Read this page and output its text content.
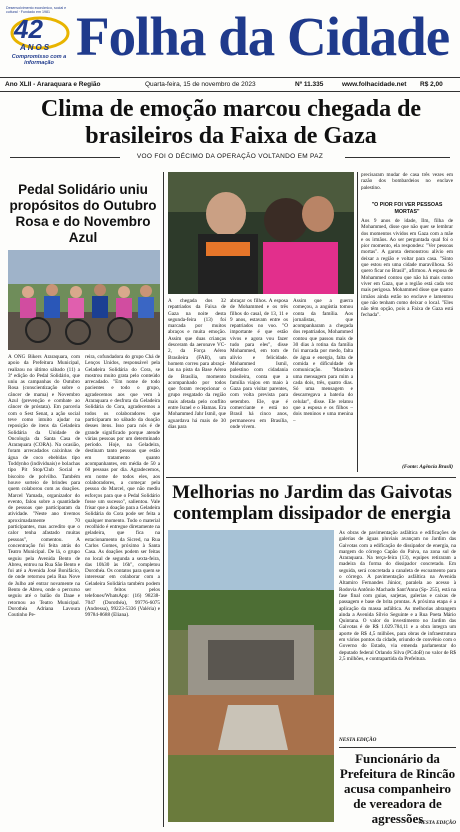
Desenvolvimento econômico, social e cultural · Fundado em 1981
42
ANOS
Compromisso com a informação Folha da Cidade
Ano XLII - Araraquara e Região	Quarta-feira, 15 de novembro de 2023	Nº 11.335	www.folhacidade.net R$ 2,00
Clima de emoção marcou chegada de brasileiros da Faixa de Gaza
VOO FOI O DÉCIMO DA OPERAÇÃO VOLTANDO EM PAZ
Pedal Solidário uniu propósitos do Outubro Rosa e do Novembro Azul
A ONG Bikers Araraquara, com apoio da Prefeitura Municipal, realizou no último sábado (11) a 3ª edição do Pedal Solidário, que uniu as campanhas do Outubro Rosa (conscientização sobre o câncer de mama) e Novembro Azul (prevenção e combate ao câncer de próstata). Em parceria com o Sest Senat, a ação social teve como intuito ajudar na reposição de itens da Geladeira Solidária da Unidade de Oncologia da Santa Casa de Araraquara (CORA). Na ocasião, foram arrecadados caixinhas de água de coco ebebidas tipo Toddynho (individuais) e bolachas tipo Pit Stop/Club Social e biscoito de polvilho. Também houve sorteio de brindes para quem colaborou com as doações. Marcel Yamada, organizador do evento, falou sobre a quantidade de pessoas que participaram da atividade. "Neste ano tivemos aproximadamente 70 participantes, mas acredito que o calor tenha afastado muitas pessoas", comentou. A concentração foi feita atrás do Teatro Municipal. De lá, o grupo seguiu pela Avenida Bento de Abreu, entrou na Rua São Bento e foi até a Avenida José Bonifácio, de onde retornou pela Rua Nove de Julho até entrar novamente na Bento de Abreu, onde o percurso seguiu até o balão do Daae e retornou ao Teatro Municipal. Dorothéa Adriana Lavoura Coutinho Pe-
reira, cofundadora do grupo Chá de Lenços Unidos, responsável pela Geladeira Solidária do Cora, se mostrou muito grata pelo conteúdo arrecadado. "Em nome de todo pacientes e todo o grupo, agradecemos aos que vem à Araraquara e desfruta da Geladeira Solidária do Cora, agradecemos a todos os colaboradores que participaram no sábado da doação desses itens. Isso para nós é de grande significado porque atende várias pessoas por um determinado período. Hoje, na Geladeira, destinam tanto pessoas que estão em tratamento quanto acompanhantes, em média de 50 a 60 pessoas por dia. Agradecemos, em nome de todos eles, aos colaboradores, a começar pela pessoa do Marcel, que não mediu esforços para que o Pedal Solidário fosse um sucesso", salientou. Vale frisar que a doação para a Geladeira Solidária do Cora pode ser feita a qualquer momento. Todo o material recolhido é entregue diretamente na geladeira, que fica na estacionamento da Sicred, na Rua Carlos Gomes, próximo à Santa Casa. As doações podem ser feitas no local de segunda a sexta-feira, das 10h30 às 16h", completou Dorothéa. Os contatos para quem se interessar em colaborar com a Geladeira Solidária também podem ser feitos pelos telefones/WhatsApp: (16) 98238-7047 (Dorothéa), 99776-6075 (Andressa), 99223-5336 (Valéria) e 99784-8688 (Eliana).
precisaram mudar de casa três vezes em razão dos bombardeios no enclave palestino.
"O PIOR FOI VER PESSOAS MORTAS"
Aos 9 anos de idade, Ilm, filha de Mohammed, disse que não quer se lembrar dos momentos vividos em Gaza com a mãe e os irmãos. Ao ser perguntada qual foi o pior momento, ela respondeu: "Ver pessoas mortas". A garota demonstrou alívio em deixar a região e voltar para casa. "Sinto que estou em uma cidade maravilhosa. Só quero ficar no Brasil", afirmou. A esposa de Mohammed contou que não há mais como viver em Gaza, que a região está cada vez mais perigosa. Mohammed disse que quatro irmãos ainda estão no enclave e lamentou que não tenham como deixar o local. "Eles não têm opção, pois a Faixa de Gaza está fechada".
(Fonte: Agência Brasil)
A chegada dos 32 repatriados da Faixa de Gaza na noite desta segunda-feira (13) foi marcada por muitos abraços e muita emoção. Assim que duas crianças desceram da aeronave VC-2, da Força Aérea Brasileira (FAB), um homem correu para abraçá-las na pista da Base Aérea de Brasília, momento acompanhado por todos que foram recepcionar o grupo resgatado da região mais afetada pelo conflito entre Israel e o Hamas. Era Mohammed Jahr Ismil, que aguardava há mais de 30 dias para
abraçar os filhos. A esposa de Mohammed e os três filhos do casal, de 13, 11 e 9 anos, estavam entre os repatriados no voo. "O importante é que estão vivos e agora vou fazer tudo para eles", disse Mohammed, em tom de alívio e felicidade. Mohammed Ismil, palestino com cidadania brasileira, conta que a família viajou em maio à Gaza para visitar parentes, com volta prevista para setembro. Ele, que é comerciante e está no Brasil há cinco anos, permaneceu em Brasília, onde vivem.
Assim que a guerra começou, a angústia tomou conta da família. Aos jornalistas, que acompanharam a chegada dos repatriados, Mohammed contou que passou mais de 30 dias à rotina da família foi marcada por medo, falta de água e energia, falta de comida e dificuldade de comunicação. "Mandava uma mensagem para mim a cada dois, três, quatro dias. Só uma mensagem e descarregava a bateria do celular", disse. Ele relatou que a esposa e os filhos – dois meninos e uma menina –
Melhorias no Jardim das Gaivotas contemplam dissipador de energia
As obras de pavimentação asfáltica e edificações de galerias de águas pluviais avançam no Jardim das Gaivotas com a edificação de dissipador de energia, na margem do córrego Capão do Paiva, na zona sul de Araraquara. Na terça-feira (13), equipes retiraram a madeira da forma do dissipador concretado. Em seguida, será concretada a canaleta de escoamento para o córrego. A pavimentação asfáltica na Avenida Altamiro Fernandes Júnior, paralela ao acesso à Rodovia Antônio Machado Sant'Anna (Sp- 255), está na fase final com guias, sarjetas, galerias e caixas de passagem e base de brita prontas. A próxima etapa é a aplicação da massa asfáltica. As melhorias abrangem ainda a Avenida Sílvio Seguinte e a Rua Poeta Mário Quintana. O valor do investimento no Jardim das Gaivotas é de R$ 1.029.784,11 e a obra integra um aporte de R$ 4,5 milhões, para obras de infraestrutura em vários pontos da cidade, oriundo de convênio com o Governo do Estado, via emenda parlamentar do deputado federal Orlando Silva (PCdoB) no valor de R$ 2,5 milhões, e contrapartida da Prefeitura.
NESTA EDIÇÃO
Funcionário da Prefeitura de Rincão acusa companheiro de vereadora de agressões
NESTA EDIÇÃO
